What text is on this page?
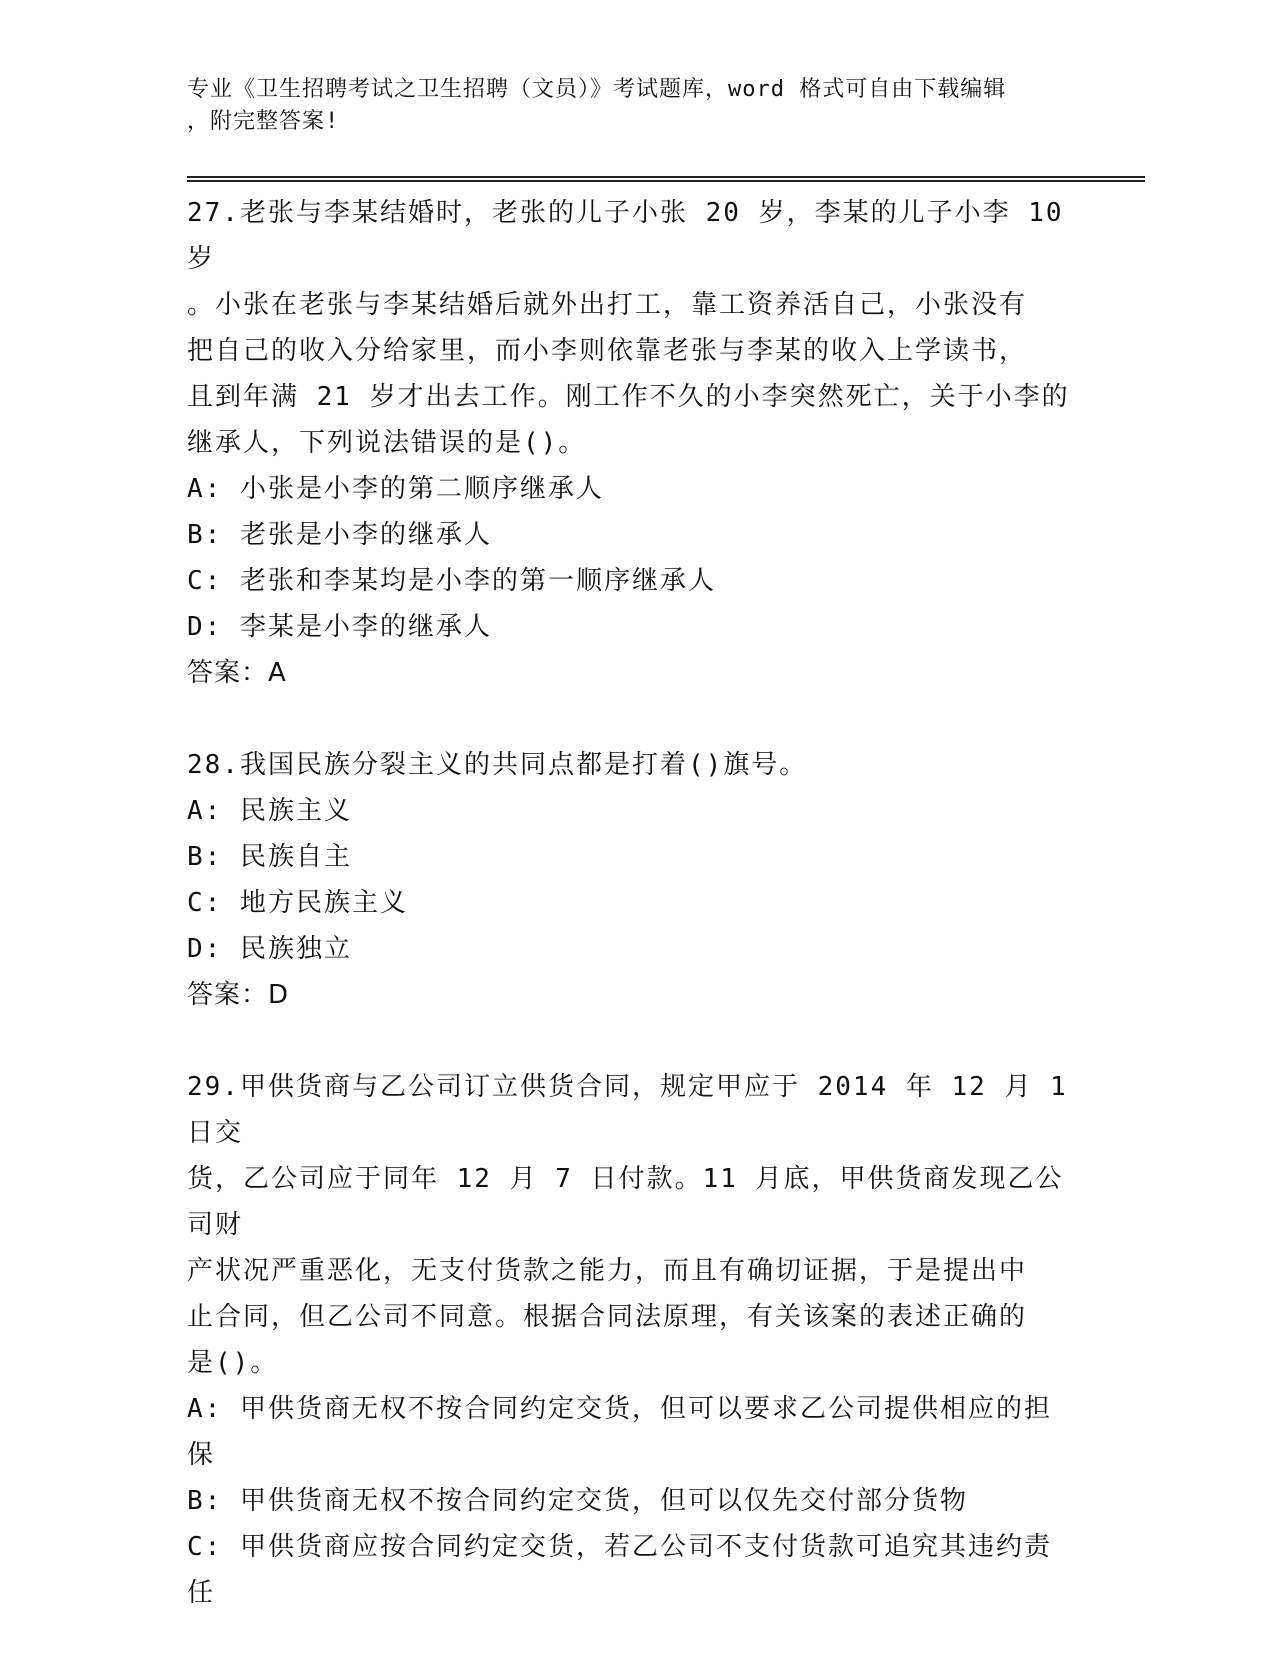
专业《卫生招聘考试之卫生招聘（文员）》考试题库，word 格式可自由下载编辑
，附完整答案!
27.老张与李某结婚时，老张的儿子小张 20 岁，李某的儿子小李 10 岁
。小张在老张与李某结婚后就外出打工，靠工资养活自己，小张没有
把自己的收入分给家里，而小李则依靠老张与李某的收入上学读书，
且到年满 21 岁才出去工作。刚工作不久的小李突然死亡，关于小李的
继承人，下列说法错误的是()。
A: 小张是小李的第二顺序继承人
B: 老张是小李的继承人
C: 老张和李某均是小李的第一顺序继承人
D: 李某是小李的继承人
答案：A
28.我国民族分裂主义的共同点都是打着()旗号。
A: 民族主义
B: 民族自主
C: 地方民族主义
D: 民族独立
答案：D
29.甲供货商与乙公司订立供货合同，规定甲应于 2014 年 12 月 1 日交
货，乙公司应于同年 12 月 7 日付款。11 月底，甲供货商发现乙公司财
产状况严重恶化，无支付货款之能力，而且有确切证据，于是提出中
止合同，但乙公司不同意。根据合同法原理，有关该案的表述正确的
是()。
A: 甲供货商无权不按合同约定交货，但可以要求乙公司提供相应的担
保
B: 甲供货商无权不按合同约定交货，但可以仅先交付部分货物
C: 甲供货商应按合同约定交货，若乙公司不支付货款可追究其违约责
任
